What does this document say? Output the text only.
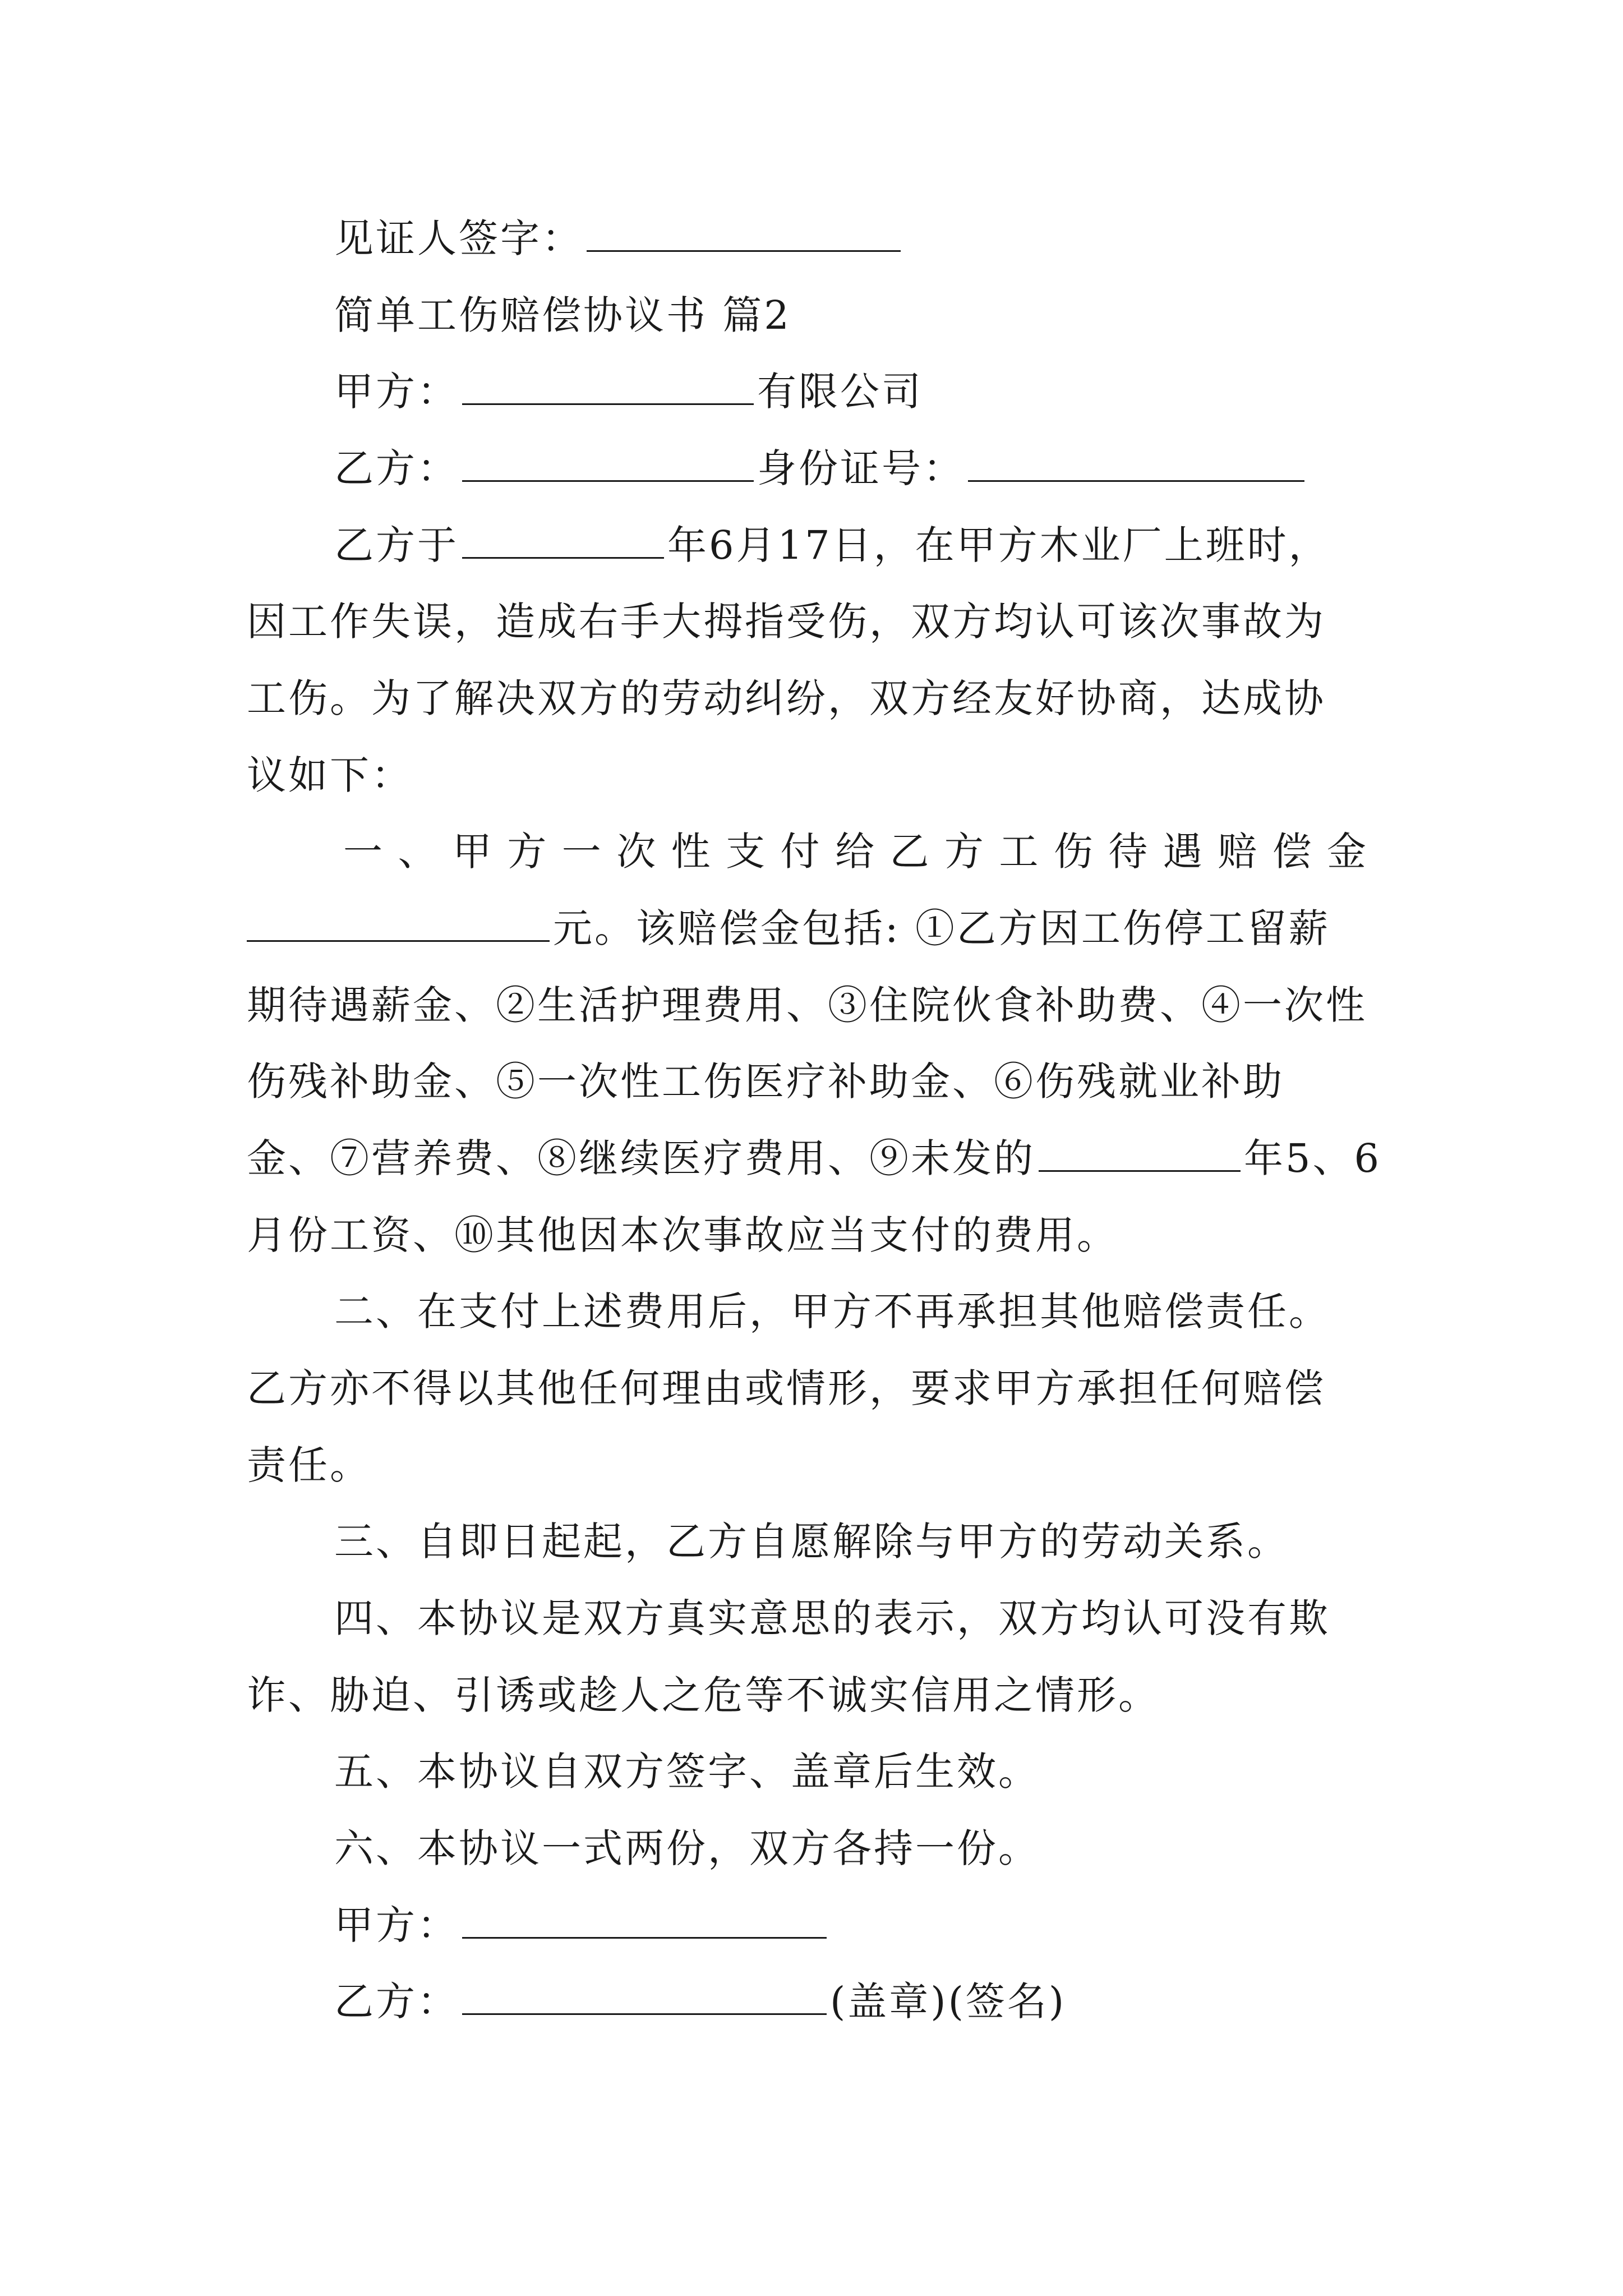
见证人签字：
简单工伤赔偿协议书 篇2
甲方：	有限公司
乙方：	身份证号：
乙方于	年6月17日，在甲方木业厂上班时，
因工作失误，造成右手大拇指受伤，双方均认可该次事故为
工伤。为了解决双方的劳动纠纷，双方经友好协商，达成协
议如下：
一、甲方一次性支付给乙方工伤待遇赔偿金
元。该赔偿金包括: ①乙方因工伤停工留薪
期待遇薪金、②生活护理费用、③住院伙食补助费、④一次性
伤残补助金、⑤一次性工伤医疗补助金、⑥伤残就业补助
金、⑦营养费、⑧继续医疗费用、⑨未发的	年5、6
月份工资、⑩其他因本次事故应当支付的费用。
二、在支付上述费用后，甲方不再承担其他赔偿责任。
乙方亦不得以其他任何理由或情形，要求甲方承担任何赔偿
责任。
三、自即日起起，乙方自愿解除与甲方的劳动关系。
四、本协议是双方真实意思的表示，双方均认可没有欺
诈、胁迫、引诱或趁人之危等不诚实信用之情形。
五、本协议自双方签字、盖章后生效。
六、本协议一式两份，双方各持一份。
甲方：
乙方：	(盖章)(签名)
